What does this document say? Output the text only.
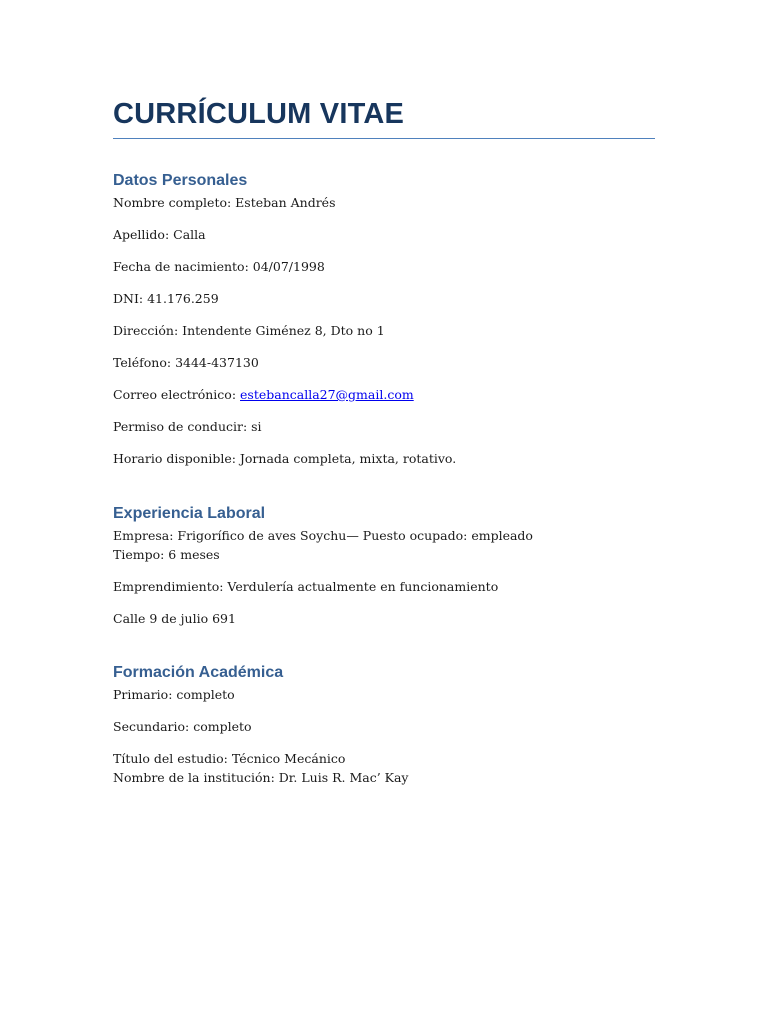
CURRÍCULUM VITAE
Datos Personales

Nombre completo: Esteban Andrés

Apellido: Calla

Fecha de nacimiento: 04/07/1998

DNI: 41.176.259

Dirección: Intendente Giménez 8, Dto no 1

Teléfono: 3444-437130

Correo electrónico: estebancalla27@gmail.com

Permiso de conducir: si

Horario disponible: Jornada completa, mixta, rotativo.

Experiencia Laboral

Empresa: Frigorífico de aves Soychu— Puesto ocupado: empleado

Tiempo: 6 meses

Emprendimiento: Verdulería actualmente en funcionamiento

Calle 9 de julio 691

Formación Académica

Primario: completo

Secundario: completo

Título del estudio: Técnico Mecánico

Nombre de la institución: Dr. Luis R. Mac’ Kay
